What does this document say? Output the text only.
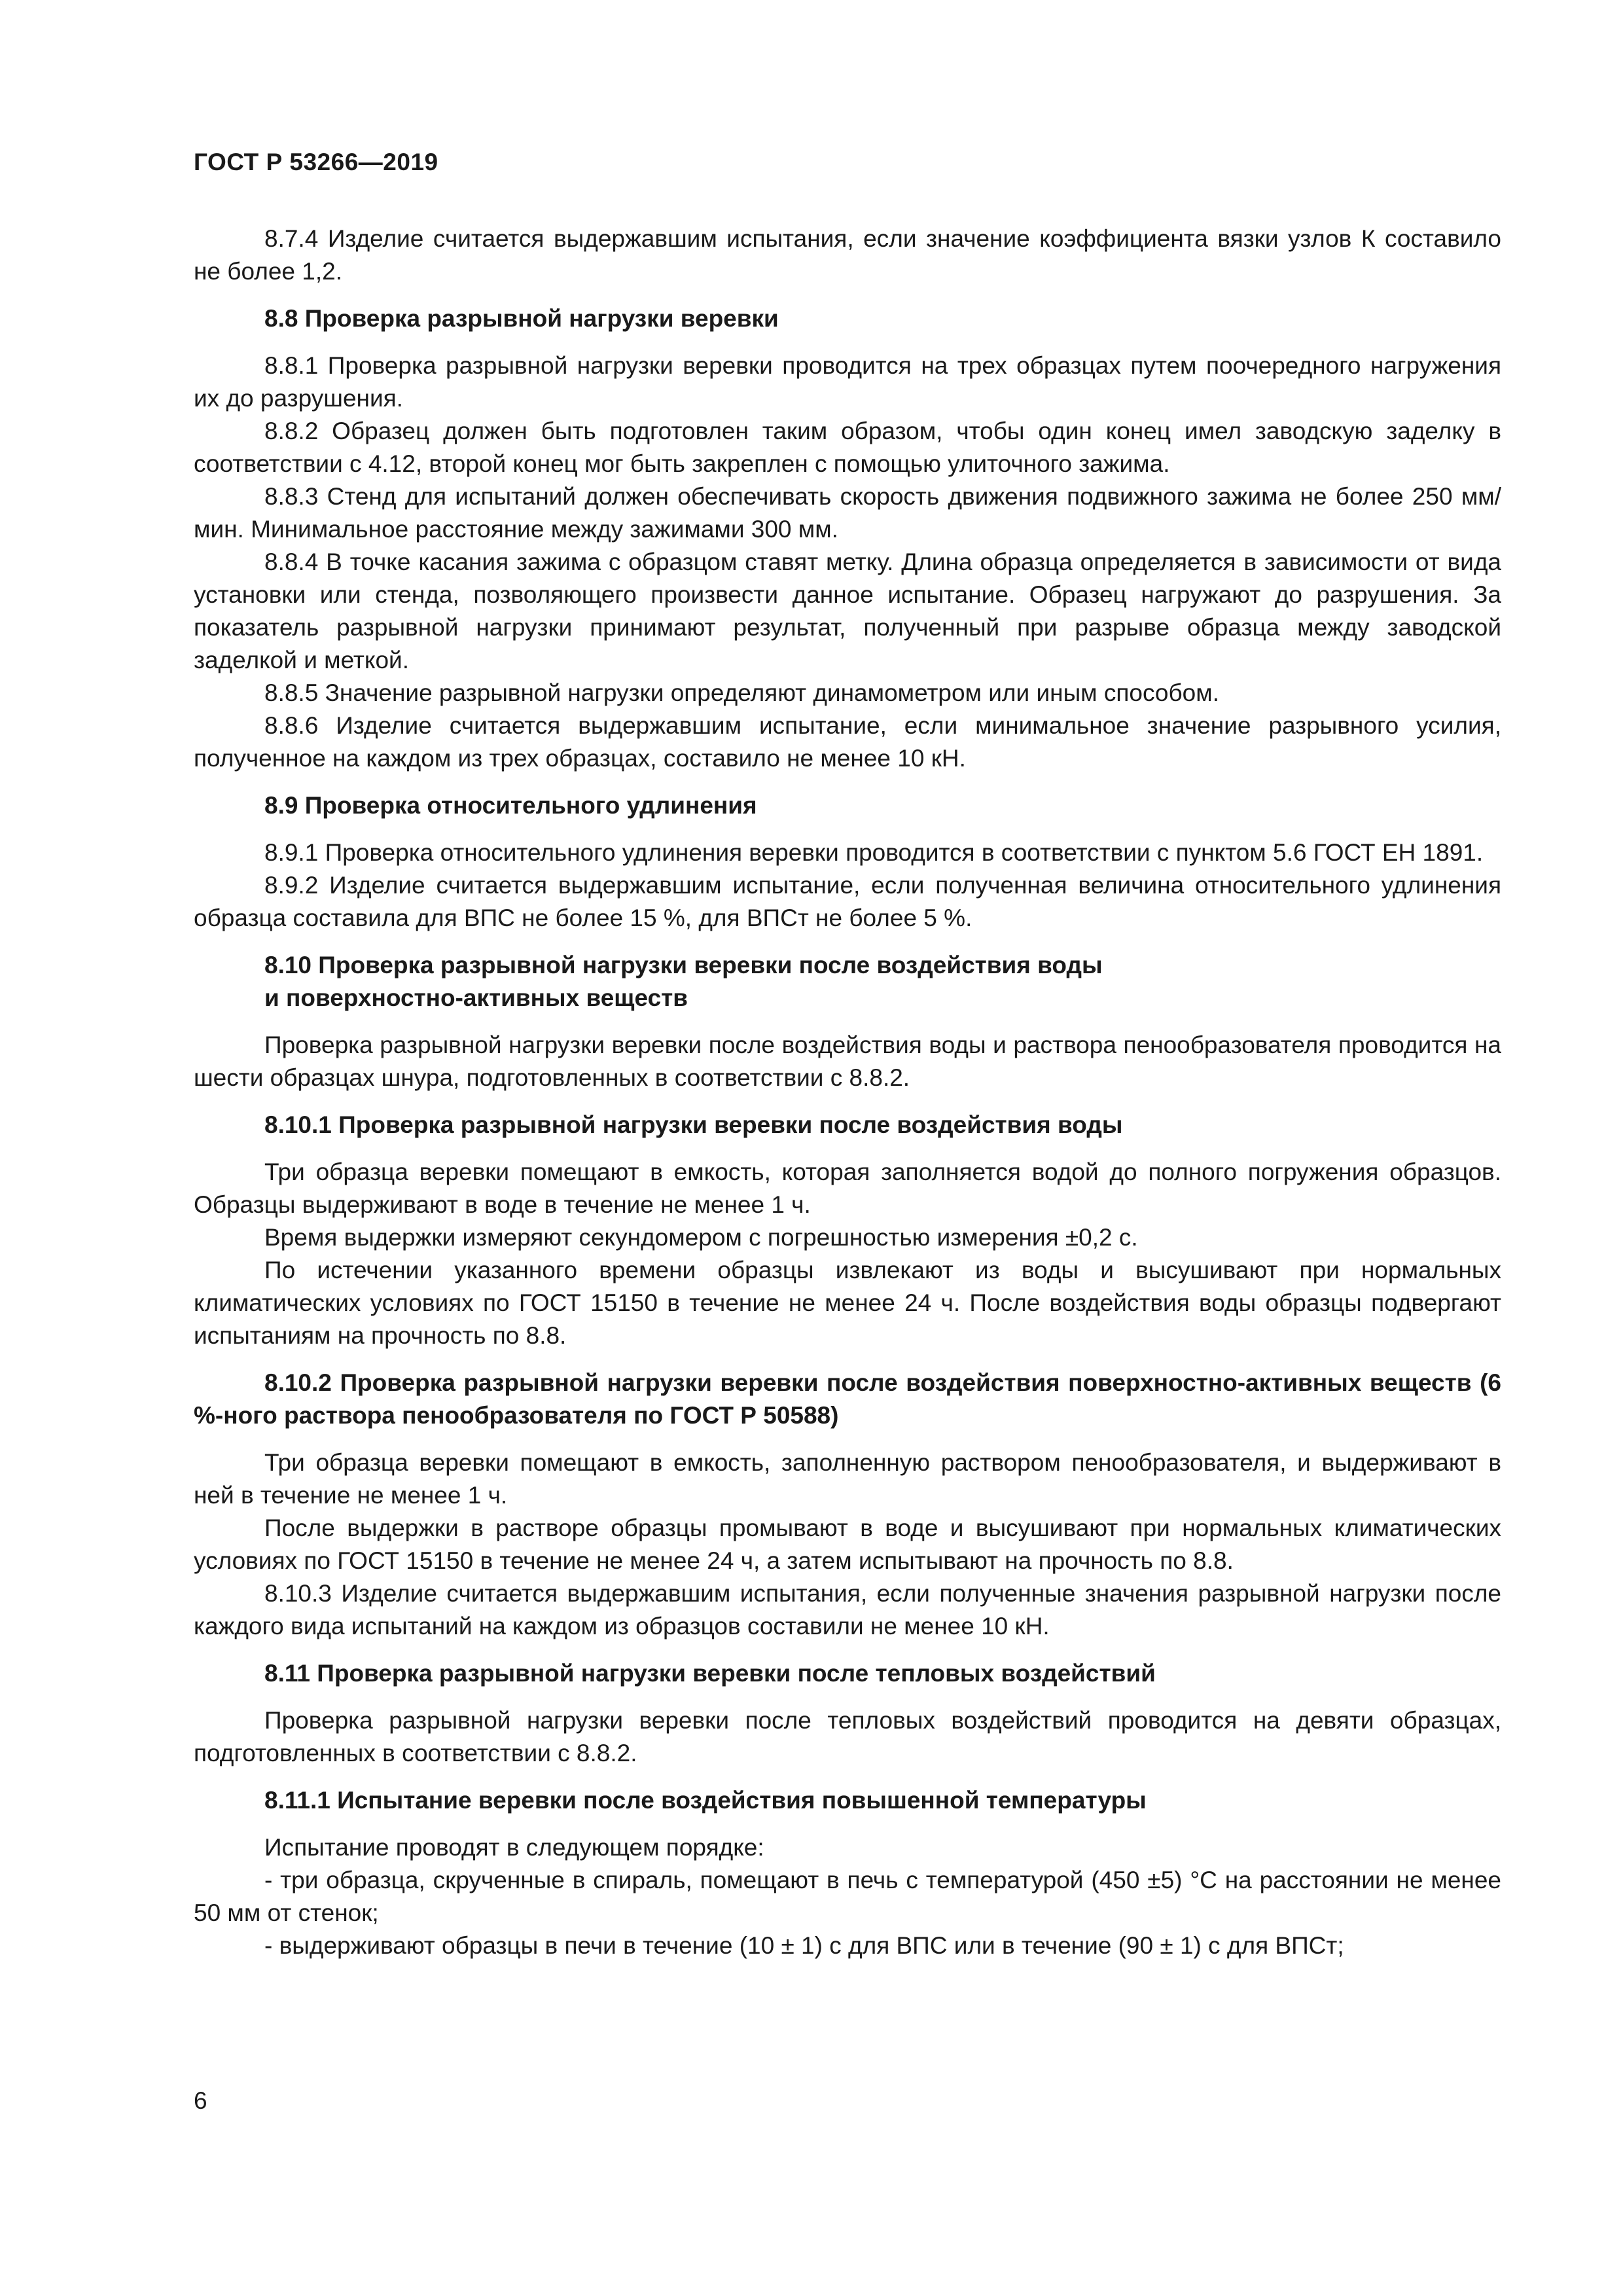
ГОСТ Р 53266—2019

8.7.4 Изделие считается выдержавшим испытания, если значение коэффициента вязки узлов К составило не более 1,2.

8.8 Проверка разрывной нагрузки веревки

8.8.1 Проверка разрывной нагрузки веревки проводится на трех образцах путем поочередного нагружения их до разрушения.

8.8.2 Образец должен быть подготовлен таким образом, чтобы один конец имел заводскую заделку в соответствии с 4.12, второй конец мог быть закреплен с помощью улиточного зажима.

8.8.3 Стенд для испытаний должен обеспечивать скорость движения подвижного зажима не более 250 мм/мин. Минимальное расстояние между зажимами 300 мм.

8.8.4 В точке касания зажима с образцом ставят метку. Длина образца определяется в зависимости от вида установки или стенда, позволяющего произвести данное испытание. Образец нагружают до разрушения. За показатель разрывной нагрузки принимают результат, полученный при разрыве образца между заводской заделкой и меткой.

8.8.5 Значение разрывной нагрузки определяют динамометром или иным способом.

8.8.6 Изделие считается выдержавшим испытание, если минимальное значение разрывного усилия, полученное на каждом из трех образцах, составило не менее 10 кН.

8.9 Проверка относительного удлинения

8.9.1 Проверка относительного удлинения веревки проводится в соответствии с пунктом 5.6 ГОСТ ЕН 1891.

8.9.2 Изделие считается выдержавшим испытание, если полученная величина относительного удлинения образца составила для ВПС не более 15 %, для ВПСт не более 5 %.

8.10 Проверка разрывной нагрузки веревки после воздействия воды
и поверхностно-активных веществ

Проверка разрывной нагрузки веревки после воздействия воды и раствора пенообразователя проводится на шести образцах шнура, подготовленных в соответствии с 8.8.2.

8.10.1 Проверка разрывной нагрузки веревки после воздействия воды

Три образца веревки помещают в емкость, которая заполняется водой до полного погружения образцов. Образцы выдерживают в воде в течение не менее 1 ч.

Время выдержки измеряют секундомером с погрешностью измерения ±0,2 с.

По истечении указанного времени образцы извлекают из воды и высушивают при нормальных климатических условиях по ГОСТ 15150 в течение не менее 24 ч. После воздействия воды образцы подвергают испытаниям на прочность по 8.8.

8.10.2 Проверка разрывной нагрузки веревки после воздействия поверхностно-активных веществ (6 %-ного раствора пенообразователя по ГОСТ Р 50588)

Три образца веревки помещают в емкость, заполненную раствором пенообразователя, и выдерживают в ней в течение не менее 1 ч.

После выдержки в растворе образцы промывают в воде и высушивают при нормальных климатических условиях по ГОСТ 15150 в течение не менее 24 ч, а затем испытывают на прочность по 8.8.

8.10.3 Изделие считается выдержавшим испытания, если полученные значения разрывной нагрузки после каждого вида испытаний на каждом из образцов составили не менее 10 кН.

8.11 Проверка разрывной нагрузки веревки после тепловых воздействий

Проверка разрывной нагрузки веревки после тепловых воздействий проводится на девяти образцах, подготовленных в соответствии с 8.8.2.

8.11.1 Испытание веревки после воздействия повышенной температуры

Испытание проводят в следующем порядке:

- три образца, скрученные в спираль, помещают в печь с температурой (450 ±5) °С на расстоянии не менее 50 мм от стенок;

- выдерживают образцы в печи в течение (10 ± 1) с для ВПС или в течение (90 ± 1) с для ВПСт;

6
